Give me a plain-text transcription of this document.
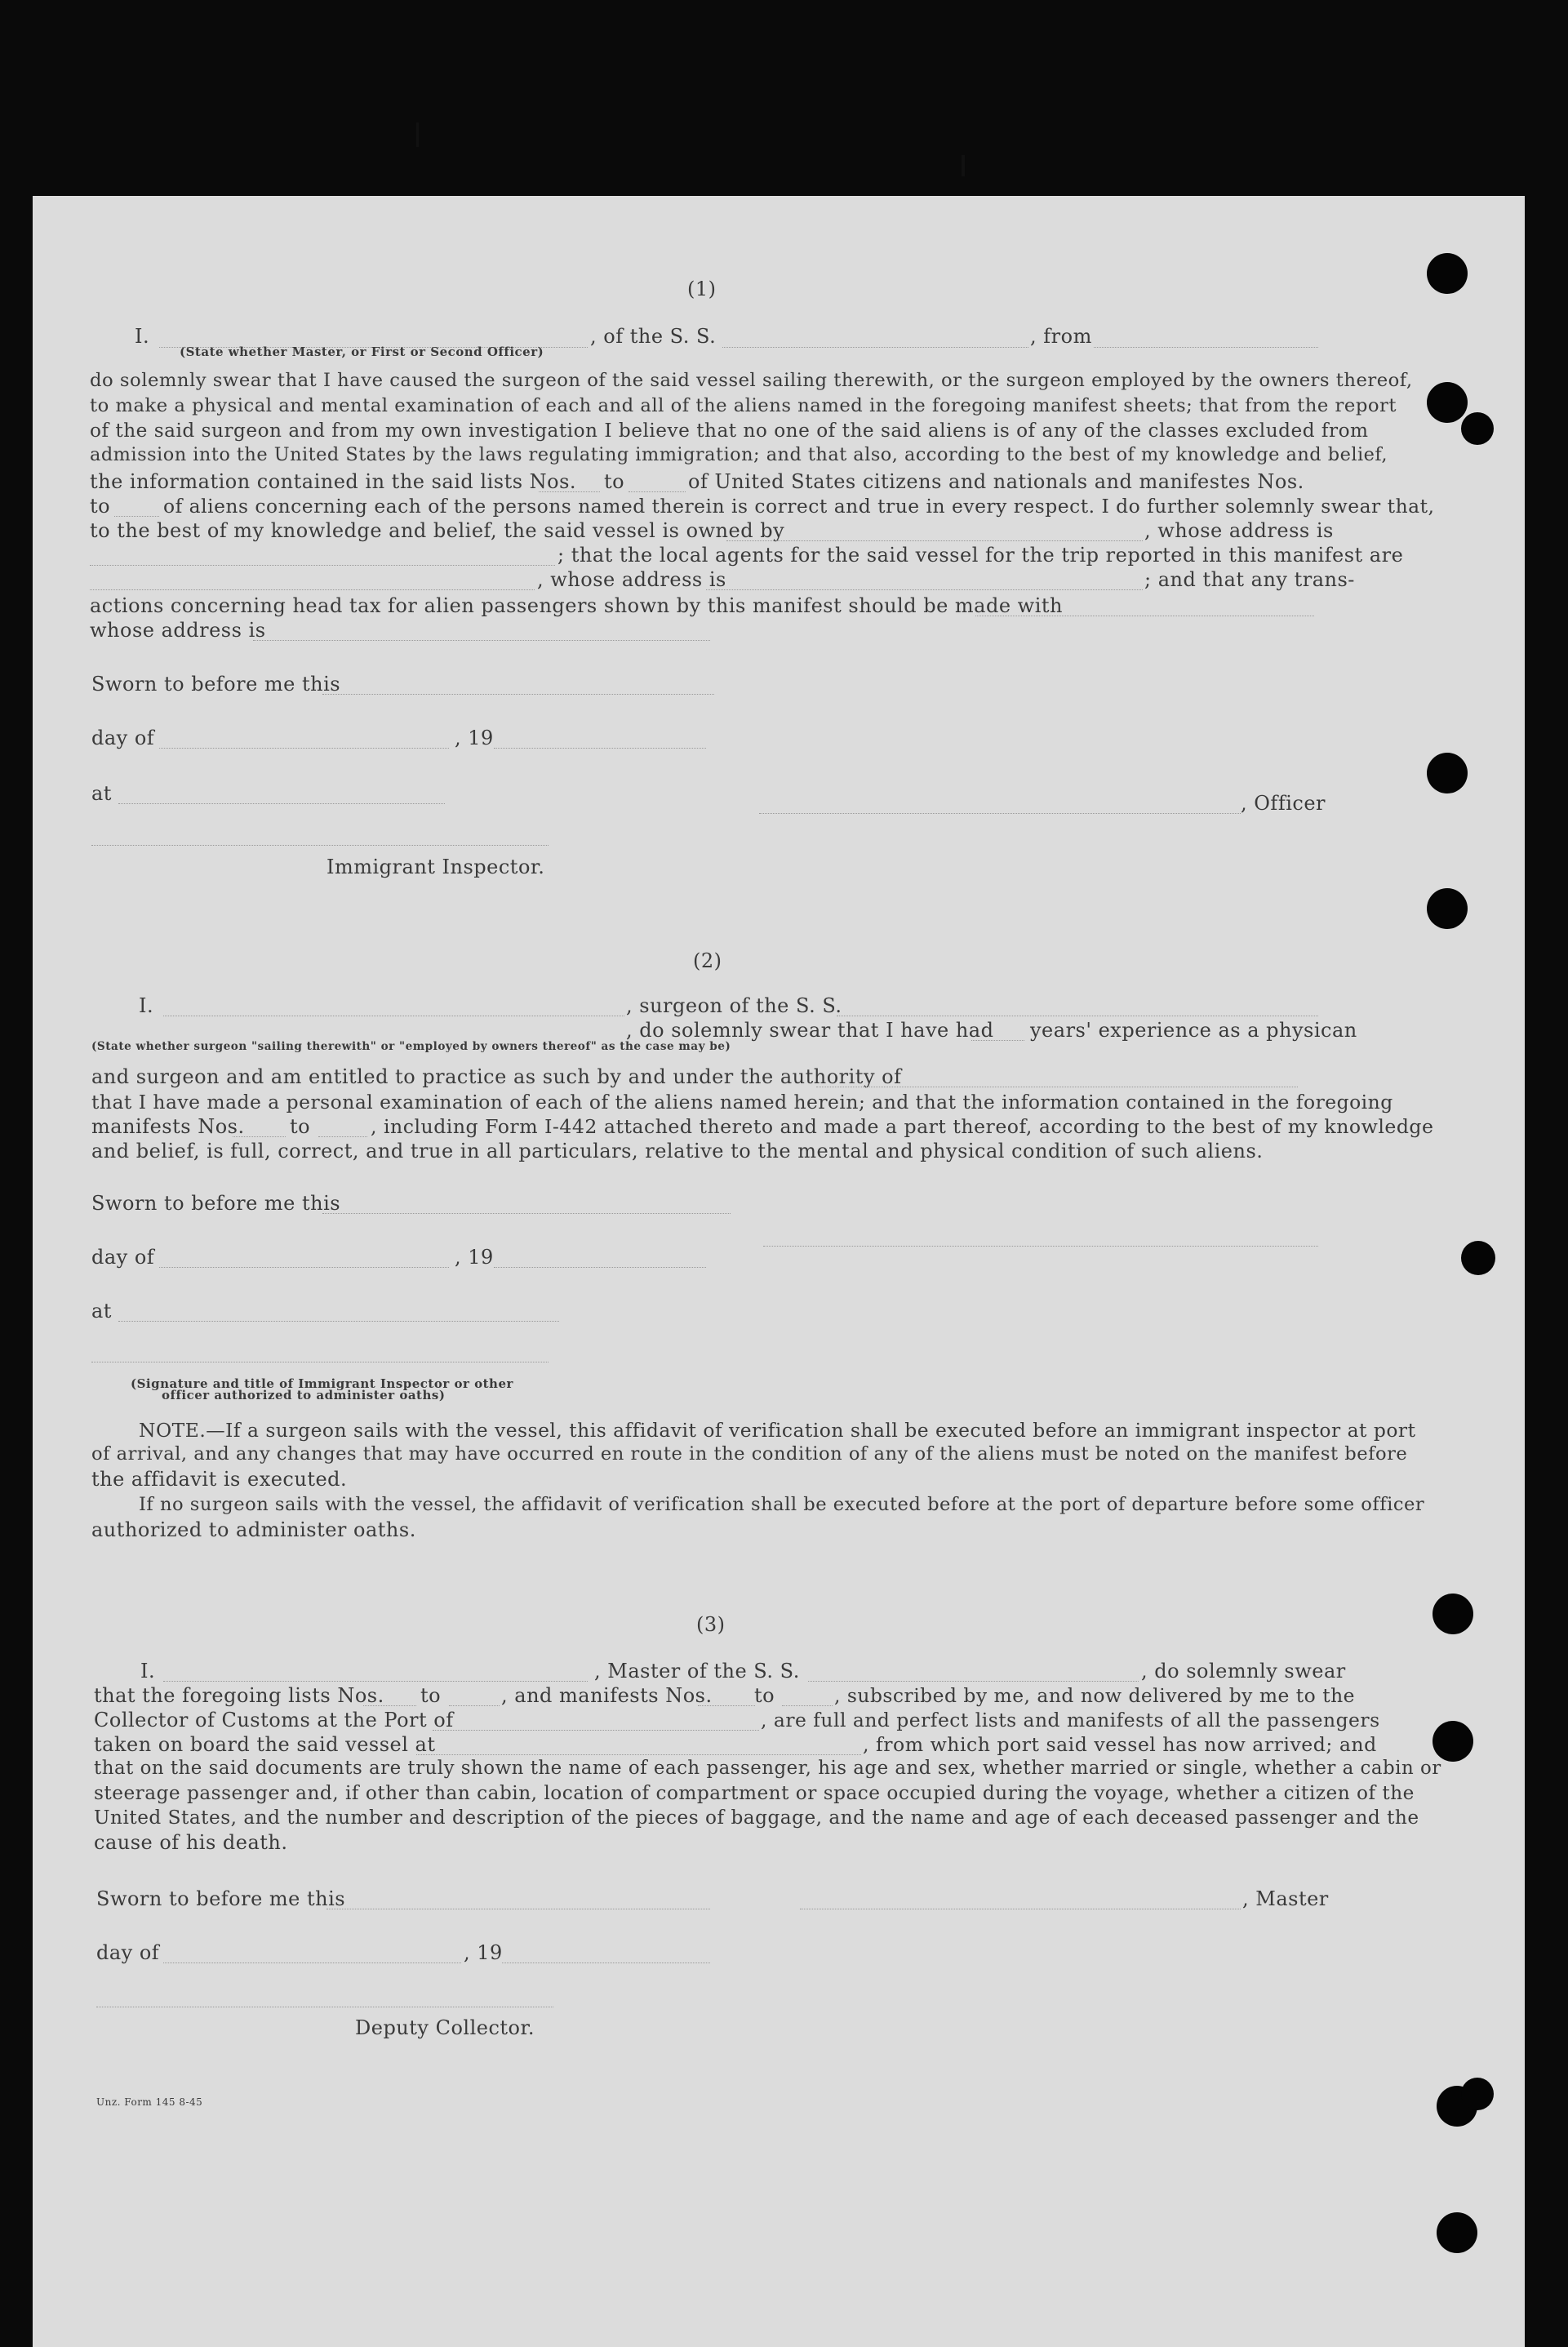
(1)
I.	, of the S. S.	, from
(State whether Master, or First or Second Officer)
do solemnly swear that I have caused the surgeon of the said vessel sailing therewith, or the surgeon employed by the owners thereof,
to make a physical and mental examination of each and all of the aliens named in the foregoing manifest sheets; that from the report
of the said surgeon and from my own investigation I believe that no one of the said aliens is of any of the classes excluded from
admission into the United States by the laws regulating immigration; and that also, according to the best of my knowledge and belief,
the information contained in the said lists Nos. to	of United States citizens and nationals and manifestes Nos.
to	of aliens concerning each of the persons named therein is correct and true in every respect. I do further solemnly swear that,
to the best of my knowledge and belief, the said vessel is owned by	, whose address is
; that the local agents for the said vessel for the trip reported in this manifest are
, whose address is	; and that any trans-
actions concerning head tax for alien passengers shown by this manifest should be made with
whose address is
Sworn to before me this
day of	, 19
at	, Officer
Immigrant Inspector.
(2)
I.	, surgeon of the S. S.
, do solemnly swear that I have had years' experience as a physican
(State whether surgeon "sailing therewith" or "employed by owners thereof" as the case may be)
and surgeon and am entitled to practice as such by and under the authority of
that I have made a personal examination of each of the aliens named herein; and that the information contained in the foregoing
manifests Nos. to	, including Form I-442 attached thereto and made a part thereof, according to the best of my knowledge
and belief, is full, correct, and true in all particulars, relative to the mental and physical condition of such aliens.
Sworn to before me this
day of	, 19
at
(Signature and title of Immigrant Inspector or other
officer authorized to administer oaths)
NOTE.—If a surgeon sails with the vessel, this affidavit of verification shall be executed before an immigrant inspector at port
of arrival, and any changes that may have occurred en route in the condition of any of the aliens must be noted on the manifest before
the affidavit is executed.
If no surgeon sails with the vessel, the affidavit of verification shall be executed before at the port of departure before some officer
authorized to administer oaths.
(3)
I.	, Master of the S. S.	, do solemnly swear
that the foregoing lists Nos. to	, and manifests Nos. to	, subscribed by me, and now delivered by me to the
Collector of Customs at the Port of	, are full and perfect lists and manifests of all the passengers
taken on board the said vessel at	, from which port said vessel has now arrived; and
that on the said documents are truly shown the name of each passenger, his age and sex, whether married or single, whether a cabin or
steerage passenger and, if other than cabin, location of compartment or space occupied during the voyage, whether a citizen of the
United States, and the number and description of the pieces of baggage, and the name and age of each deceased passenger and the
cause of his death.
Sworn to before me this	, Master
day of	, 19
Deputy Collector.
Unz. Form 145 8-45
